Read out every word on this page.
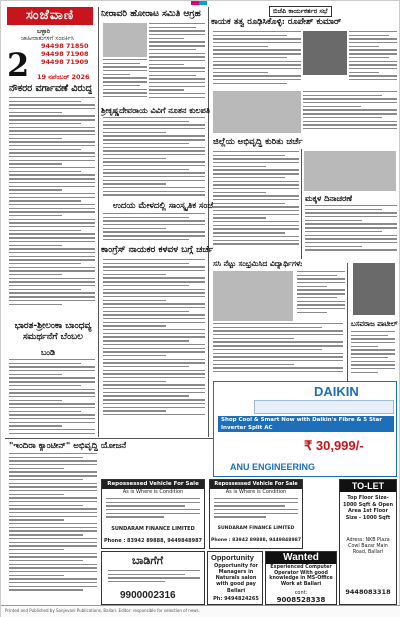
ಸಂಜೆವಾಣಿ
ಬಳ್ಳಾರಿ
ಜಾಹೀರಾತುಗಳಿಗೆ ಸಂಪರ್ಕಿಸಿ
94498 71850
94498 71908
94498 71909
2 19 ನವೆಂಬರ್ 2026
ನೌಕರರ ವರ್ಗಾವಣೆ ವಿರುದ್ಧ
ಭಾರತ-ಶ್ರೀಲಂಕಾ ಬಾಂಧವ್ಯ ಸಮರ್ಥನೆಗೆ ಬೆಂಬಲ
ಬಂಡಿ
ನೀರಾವರಿ ಹೋರಾಟ ಸಮಿತಿ ಆಗ್ರಹ
ಶ್ರೀಕೃಷ್ಣದೇವರಾಯ ವಿವಿಗೆ ನೂತನ ಕುಲಪತಿ
ಉದಯ ಮೇಳದಲ್ಲಿ ಸಾಂಸ್ಕೃತಿಕ ಸಂಜೆ
ಕಾಂಗ್ರೆಸ್ ನಾಯಕರ ಕಳವಳ ಬಗ್ಗೆ ಚರ್ಚೆ
ಬಿಜೆಪಿ ಕಾರ್ಯಕರ್ತರ ಸಭೆ
ಕಾಯಕ ತತ್ವ ರೂಢಿಸಿಕೊಳ್ಳಿ: ರೂಪೇಶ್ ಕುಮಾರ್
ಜಿಲ್ಲೆಯ ಅಭಿವೃದ್ಧಿ ಕುರಿತು ಚರ್ಚೆ
ಮಕ್ಕಳ ದಿನಾಚರಣೆ
ಸಸಿ ನೆಟ್ಟು ಸಂಭ್ರಮಿಸಿದ ವಿದ್ಯಾರ್ಥಿಗಳು
ಬಸವರಾಜ ಪಾಟೀಲ್
DAIKIN
Shop Cool & Smart Now with Daikin's Fibre & 5 Star Inverter Split AC
₹ 30,999/-
ANU ENGINEERING
"ಇಂದಿರಾ ಕ್ಯಾಂಟೀನ್" ಅಭಿವೃದ್ಧಿ ಯೋಜನೆ
Repossessed Vehicle For Sale
As is Where is Condition
SUNDARAM FINANCE LIMITED
Phone : 83942 89888, 9449848987
Repossessed Vehicle For Sale
As is Where is Condition
SUNDARAM FINANCE LIMITED
Phone : 83942 89888, 9449848987
ಬಾಡಿಗೆಗೆ
9900002316
Opportunity
Opportunity for Managers in Naturals salon with good pay
Bellari
Ph: 9494824265
Wanted
Experienced Computer Operator With good knowledge in MS-Office Work at Ballari
cont:
9008528338
TO-LET
Top Floor Size-1000 Sqft & Open Area 1st Floor Size - 1000 Sqft
Adress: NKB Plaza Cowl Bazar Main Road, Ballari
9448083318
Printed and Published by Sanjevani Publications, Ballari. Editor: responsible for selection of news.
